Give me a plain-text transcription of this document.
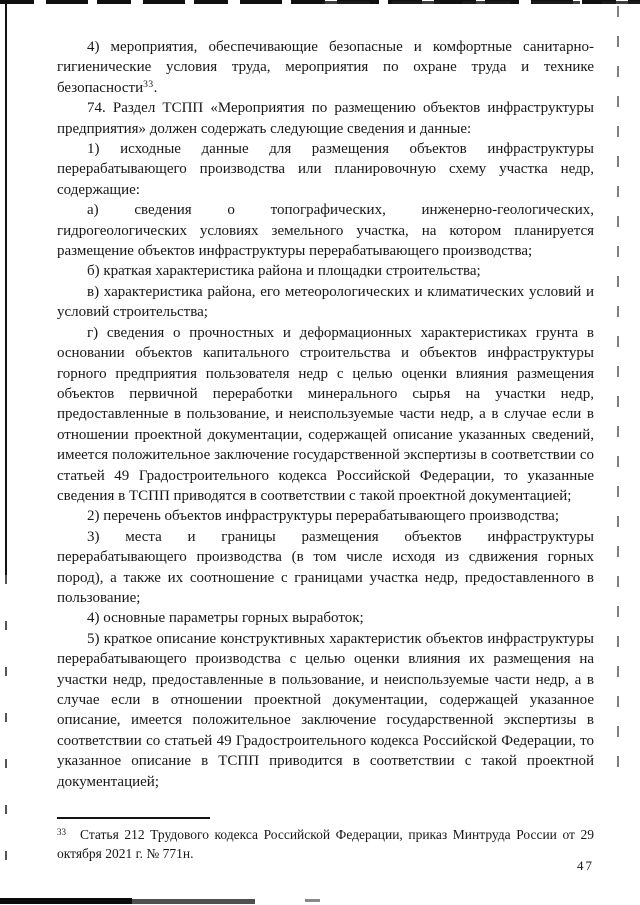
4) мероприятия, обеспечивающие безопасные и комфортные санитарно-гигиенические условия труда, мероприятия по охране труда и технике безопасности$^{33}$.

74. Раздел ТСПП «Мероприятия по размещению объектов инфраструктуры предприятия» должен содержать следующие сведения и данные:

1) исходные данные для размещения объектов инфраструктуры перерабатывающего производства или планировочную схему участка недр, содержащие:

а) сведения о топографических, инженерно-геологических, гидрогеологических условиях земельного участка, на котором планируется размещение объектов инфраструктуры перерабатывающего производства;

б) краткая характеристика района и площадки строительства;

в) характеристика района, его метеорологических и климатических условий и условий строительства;

г) сведения о прочностных и деформационных характеристиках грунта в основании объектов капитального строительства и объектов инфраструктуры горного предприятия пользователя недр с целью оценки влияния размещения объектов первичной переработки минерального сырья на участки недр, предоставленные в пользование, и неиспользуемые части недр, а в случае если в отношении проектной документации, содержащей описание указанных сведений, имеется положительное заключение государственной экспертизы в соответствии со статьей 49 Градостроительного кодекса Российской Федерации, то указанные сведения в ТСПП приводятся в соответствии с такой проектной документацией;

2) перечень объектов инфраструктуры перерабатывающего производства;

3) места и границы размещения объектов инфраструктуры перерабатывающего производства (в том числе исходя из сдвижения горных пород), а также их соотношение с границами участка недр, предоставленного в пользование;

4) основные параметры горных выработок;

5) краткое описание конструктивных характеристик объектов инфраструктуры перерабатывающего производства с целью оценки влияния их размещения на участки недр, предоставленные в пользование, и неиспользуемые части недр, а в случае если в отношении проектной документации, содержащей указанное описание, имеется положительное заключение государственной экспертизы в соответствии со статьей 49 Градостроительного кодекса Российской Федерации, то указанное описание в ТСПП приводится в соответствии с такой проектной документацией;

$^{33}$ Статья 212 Трудового кодекса Российской Федерации, приказ Минтруда России от 29 октября 2021 г. № 771н.
47
